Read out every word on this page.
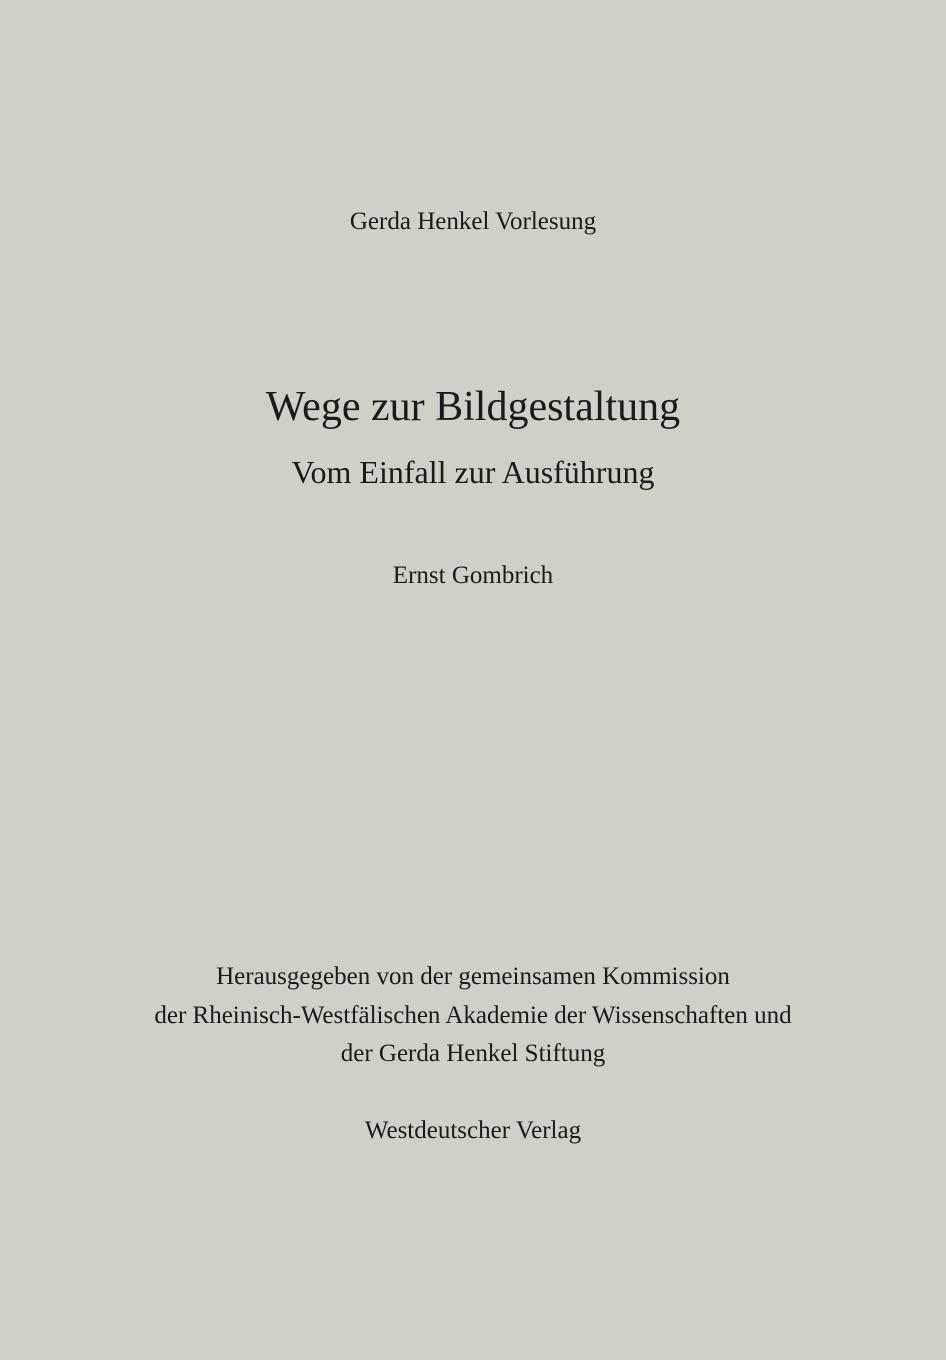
Gerda Henkel Vorlesung
Wege zur Bildgestaltung
Vom Einfall zur Ausführung
Ernst Gombrich
Herausgegeben von der gemeinsamen Kommission
der Rheinisch-Westfälischen Akademie der Wissenschaften und
der Gerda Henkel Stiftung
Westdeutscher Verlag
